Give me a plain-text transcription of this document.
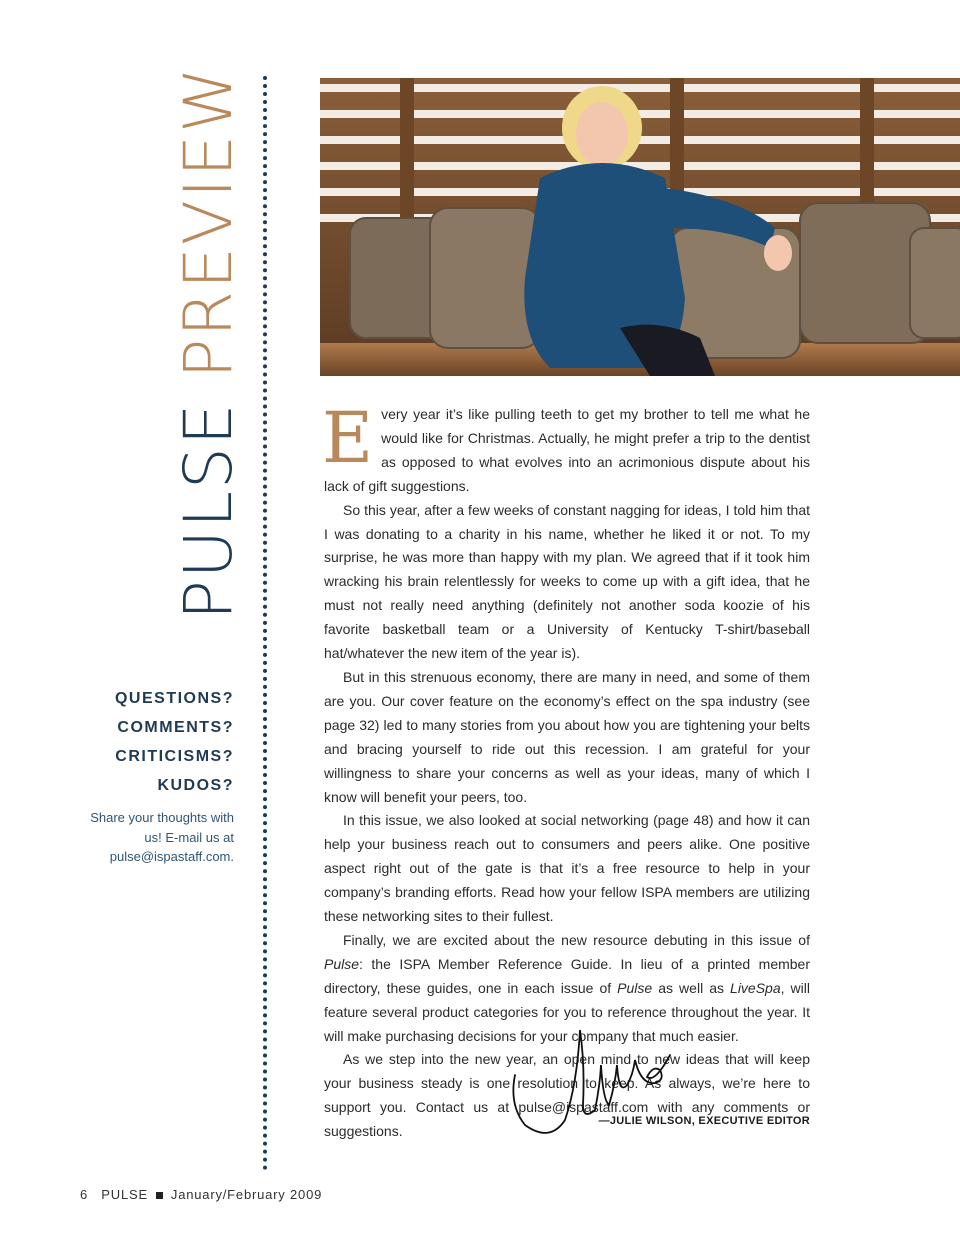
PULSE PREVIEW

QUESTIONS?

COMMENTS?

CRITICISMS?

KUDOS?

Share your thoughts with us! E-mail us at pulse@ispastaff.com.

Every year it’s like pulling teeth to get my brother to tell me what he would like for Christmas. Actually, he might prefer a trip to the dentist as opposed to what evolves into an acrimonious dispute about his lack of gift suggestions.

So this year, after a few weeks of constant nagging for ideas, I told him that I was donating to a charity in his name, whether he liked it or not. To my surprise, he was more than happy with my plan. We agreed that if it took him wracking his brain relentlessly for weeks to come up with a gift idea, that he must not really need anything (definitely not another soda koozie of his favorite basketball team or a University of Kentucky T-shirt/baseball hat/whatever the new item of the year is).

But in this strenuous economy, there are many in need, and some of them are you. Our cover feature on the economy’s effect on the spa industry (see page 32) led to many stories from you about how you are tightening your belts and bracing yourself to ride out this recession. I am grateful for your willingness to share your concerns as well as your ideas, many of which I know will benefit your peers, too.

In this issue, we also looked at social networking (page 48) and how it can help your business reach out to consumers and peers alike. One positive aspect right out of the gate is that it’s a free resource to help in your company’s branding efforts. Read how your fellow ISPA members are utilizing these networking sites to their fullest.

Finally, we are excited about the new resource debuting in this issue of Pulse: the ISPA Member Reference Guide. In lieu of a printed member directory, these guides, one in each issue of Pulse as well as LiveSpa, will feature several product categories for you to reference throughout the year. It will make purchasing decisions for your company that much easier.

As we step into the new year, an open mind to new ideas that will keep your business steady is one resolution to keep. As always, we’re here to support you. Contact us at pulse@ispastaff.com with any comments or suggestions.

—JULIE WILSON, EXECUTIVE EDITOR
6 PULSE January/February 2009
